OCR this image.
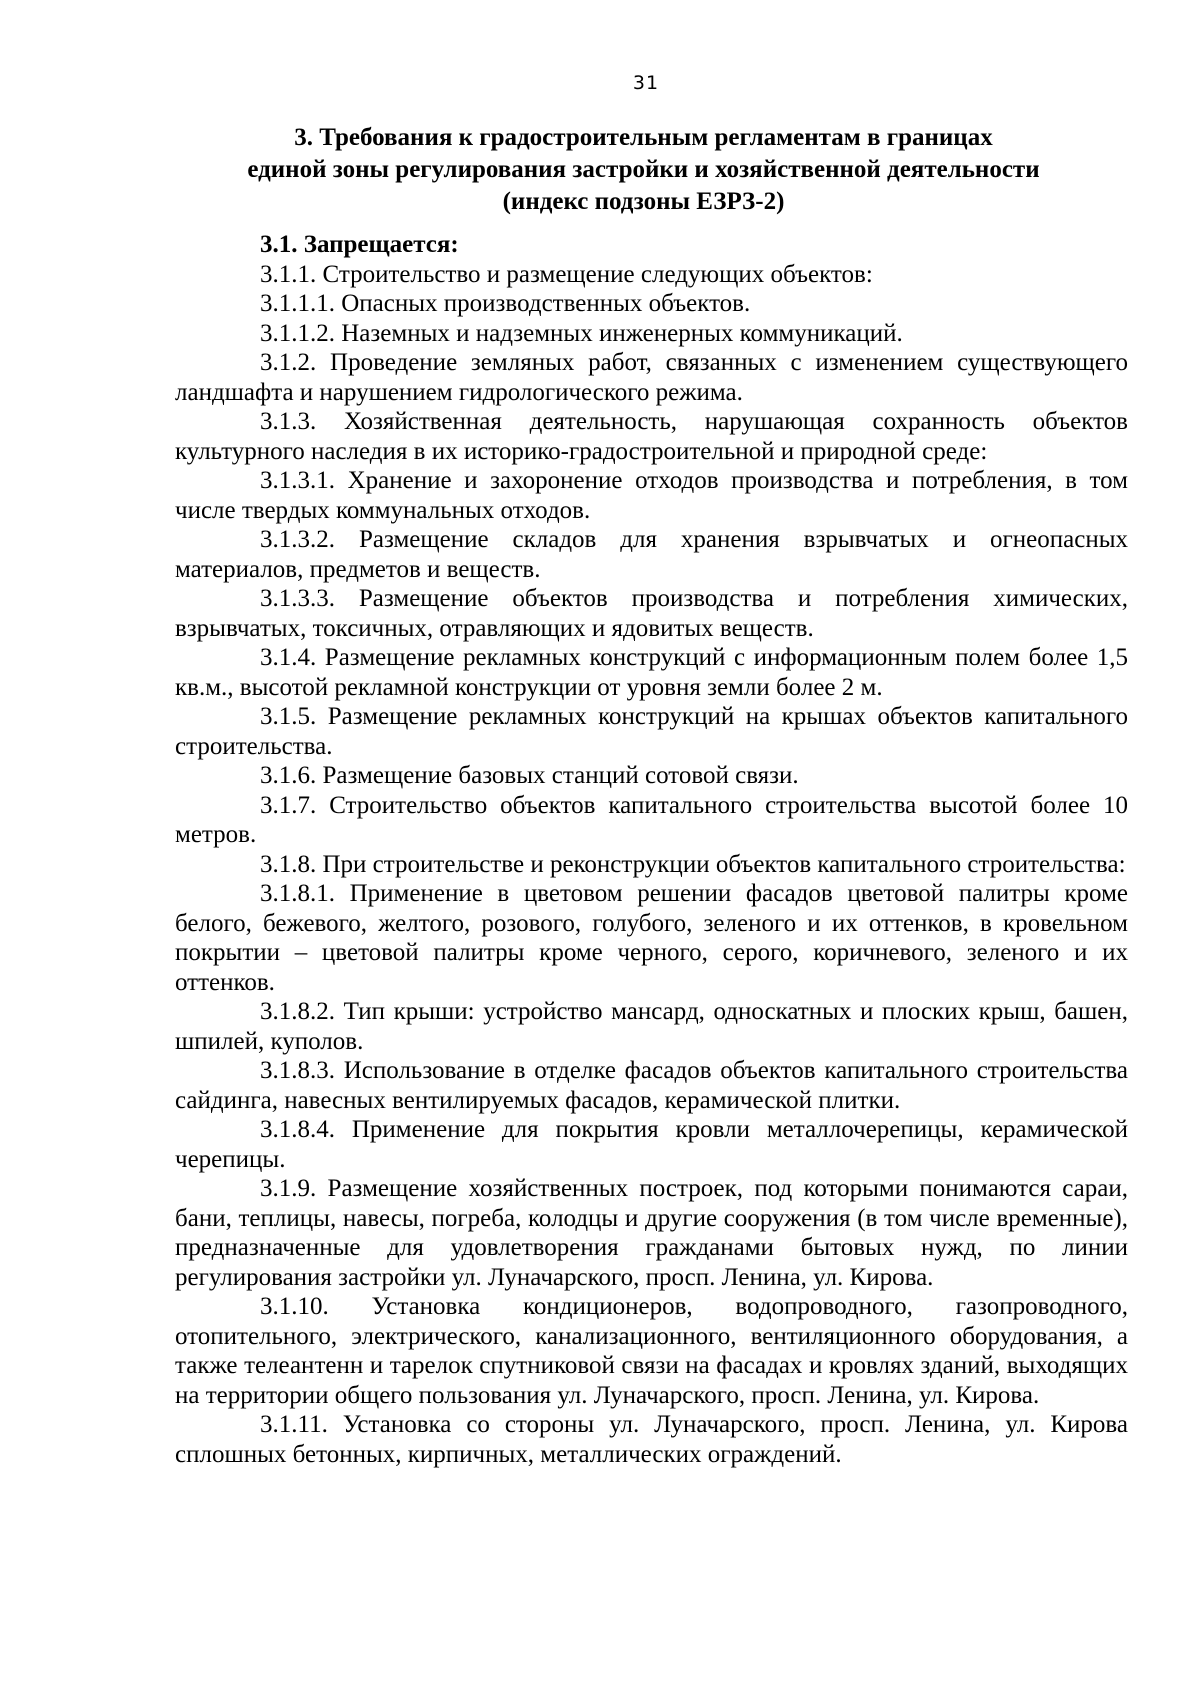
31
3. Требования к градостроительным регламентам в границах
единой зоны регулирования застройки и хозяйственной деятельности
(индекс подзоны ЕЗРЗ-2)

3.1. Запрещается:

3.1.1. Строительство и размещение следующих объектов:

3.1.1.1. Опасных производственных объектов.

3.1.1.2. Наземных и надземных инженерных коммуникаций.

3.1.2. Проведение земляных работ, связанных с изменением существующего ландшафта и нарушением гидрологического режима.

3.1.3. Хозяйственная деятельность, нарушающая сохранность объектов культурного наследия в их историко-градостроительной и природной среде:

3.1.3.1. Хранение и захоронение отходов производства и потребления, в том числе твердых коммунальных отходов.

3.1.3.2. Размещение складов для хранения взрывчатых и огнеопасных материалов, предметов и веществ.

3.1.3.3. Размещение объектов производства и потребления химических, взрывчатых, токсичных, отравляющих и ядовитых веществ.

3.1.4. Размещение рекламных конструкций с информационным полем более 1,5 кв.м., высотой рекламной конструкции от уровня земли более 2 м.

3.1.5. Размещение рекламных конструкций на крышах объектов капитального строительства.

3.1.6. Размещение базовых станций сотовой связи.

3.1.7. Строительство объектов капитального строительства высотой более 10 метров.

3.1.8. При строительстве и реконструкции объектов капитального строительства:

3.1.8.1. Применение в цветовом решении фасадов цветовой палитры кроме белого, бежевого, желтого, розового, голубого, зеленого и их оттенков, в кровельном покрытии – цветовой палитры кроме черного, серого, коричневого, зеленого и их оттенков.

3.1.8.2. Тип крыши: устройство мансард, односкатных и плоских крыш, башен, шпилей, куполов.

3.1.8.3. Использование в отделке фасадов объектов капитального строительства сайдинга, навесных вентилируемых фасадов, керамической плитки.

3.1.8.4. Применение для покрытия кровли металлочерепицы, керамической черепицы.

3.1.9. Размещение хозяйственных построек, под которыми понимаются сараи, бани, теплицы, навесы, погреба, колодцы и другие сооружения (в том числе временные), предназначенные для удовлетворения гражданами бытовых нужд, по линии регулирования застройки ул. Луначарского, просп. Ленина, ул. Кирова.

3.1.10. Установка кондиционеров, водопроводного, газопроводного, отопительного, электрического, канализационного, вентиляционного оборудования, а также телеантенн и тарелок спутниковой связи на фасадах и кровлях зданий, выходящих на территории общего пользования ул. Луначарского, просп. Ленина, ул. Кирова.

3.1.11. Установка со стороны ул. Луначарского, просп. Ленина, ул. Кирова сплошных бетонных, кирпичных, металлических ограждений.
